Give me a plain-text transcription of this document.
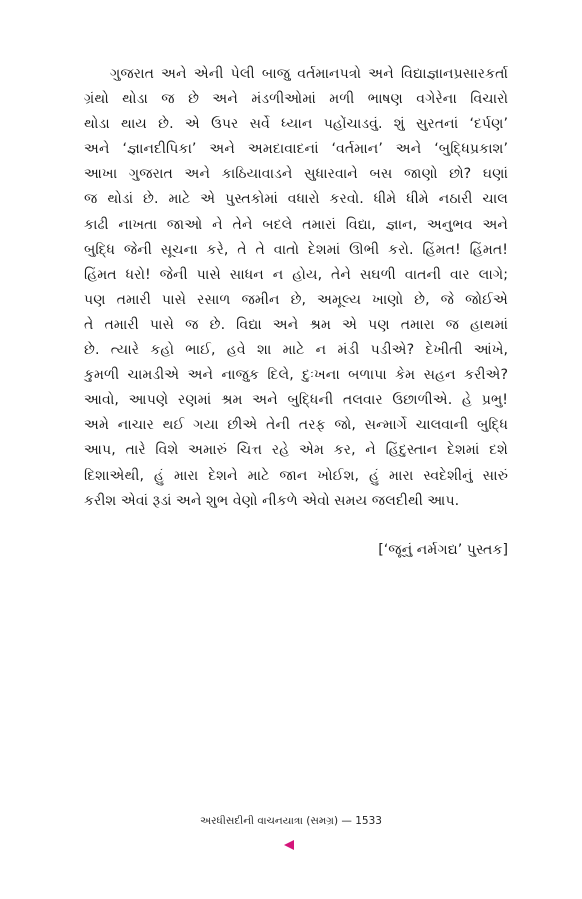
ગુજરાત અને એની પેલી બાજુ વર્તમાનપત્રો અને વિદ્યાજ્ઞાનપ્રસારકર્તા
ગ્રંથો થોડા જ છે અને મંડળીઓમાં મળી ભાષણ વગેરેના વિચારો
થોડા થાય છે. એ ઉપર સર્વે ધ્યાન પહોંચાડવું. શું સુરતનાં ‘દર્પણ’
અને ‘જ્ઞાનદીપિકા’ અને અમદાવાદનાં ‘વર્તમાન’ અને ‘બુદ્ધિપ્રકાશ’
આખા ગુજરાત અને કાઠિયાવાડને સુધારવાને બસ જાણો છો? ઘણાં
જ થોડાં છે. માટે એ પુસ્તકોમાં વધારો કરવો. ધીમે ધીમે નઠારી ચાલ
કાઢી નાખતા જાઓ ને તેને બદલે તમારાં વિદ્યા, જ્ઞાન, અનુભવ અને
બુદ્ધિ જેની સૂચના કરે, તે તે વાતો દેશમાં ઊભી કરો. હિંમત! હિંમત!
હિંમત ધરો! જેની પાસે સાધન ન હોય, તેને સઘળી વાતની વાર લાગે;
પણ તમારી પાસે રસાળ જમીન છે, અમૂલ્ય ખાણો છે, જે જોઈએ
તે તમારી પાસે જ છે. વિદ્યા અને શ્રમ એ પણ તમારા જ હાથમાં
છે. ત્યારે કહો ભાઈ, હવે શા માટે ન મંડી પડીએ? દેખીતી આંખે,
કુમળી ચામડીએ અને નાજુક દિલે, દુઃખના બળાપા કેમ સહન કરીએ?
આવો, આપણે રણમાં શ્રમ અને બુદ્ધિની તલવાર ઉછાળીએ. હે પ્રભુ!
અમે નાચાર થઈ ગયા છીએ તેની તરફ જો, સન્માર્ગે ચાલવાની બુદ્ધિ
આપ, તારે વિશે અમારું ચિત્ત રહે એમ કર, ને હિંદુસ્તાન દેશમાં દશે
દિશાએથી, હું મારા દેશને માટે જાન ખોઈશ, હું મારા સ્વદેશીનું સારું
કરીશ એવાં રૂડાં અને શુભ વેણો નીકળે એવો સમય જલદીથી આપ.
[‘જૂનું નર્મગદ્ય’ પુસ્તક]
અરધીસદીની વાચનયાત્રા (સમગ્ર) — 1533
